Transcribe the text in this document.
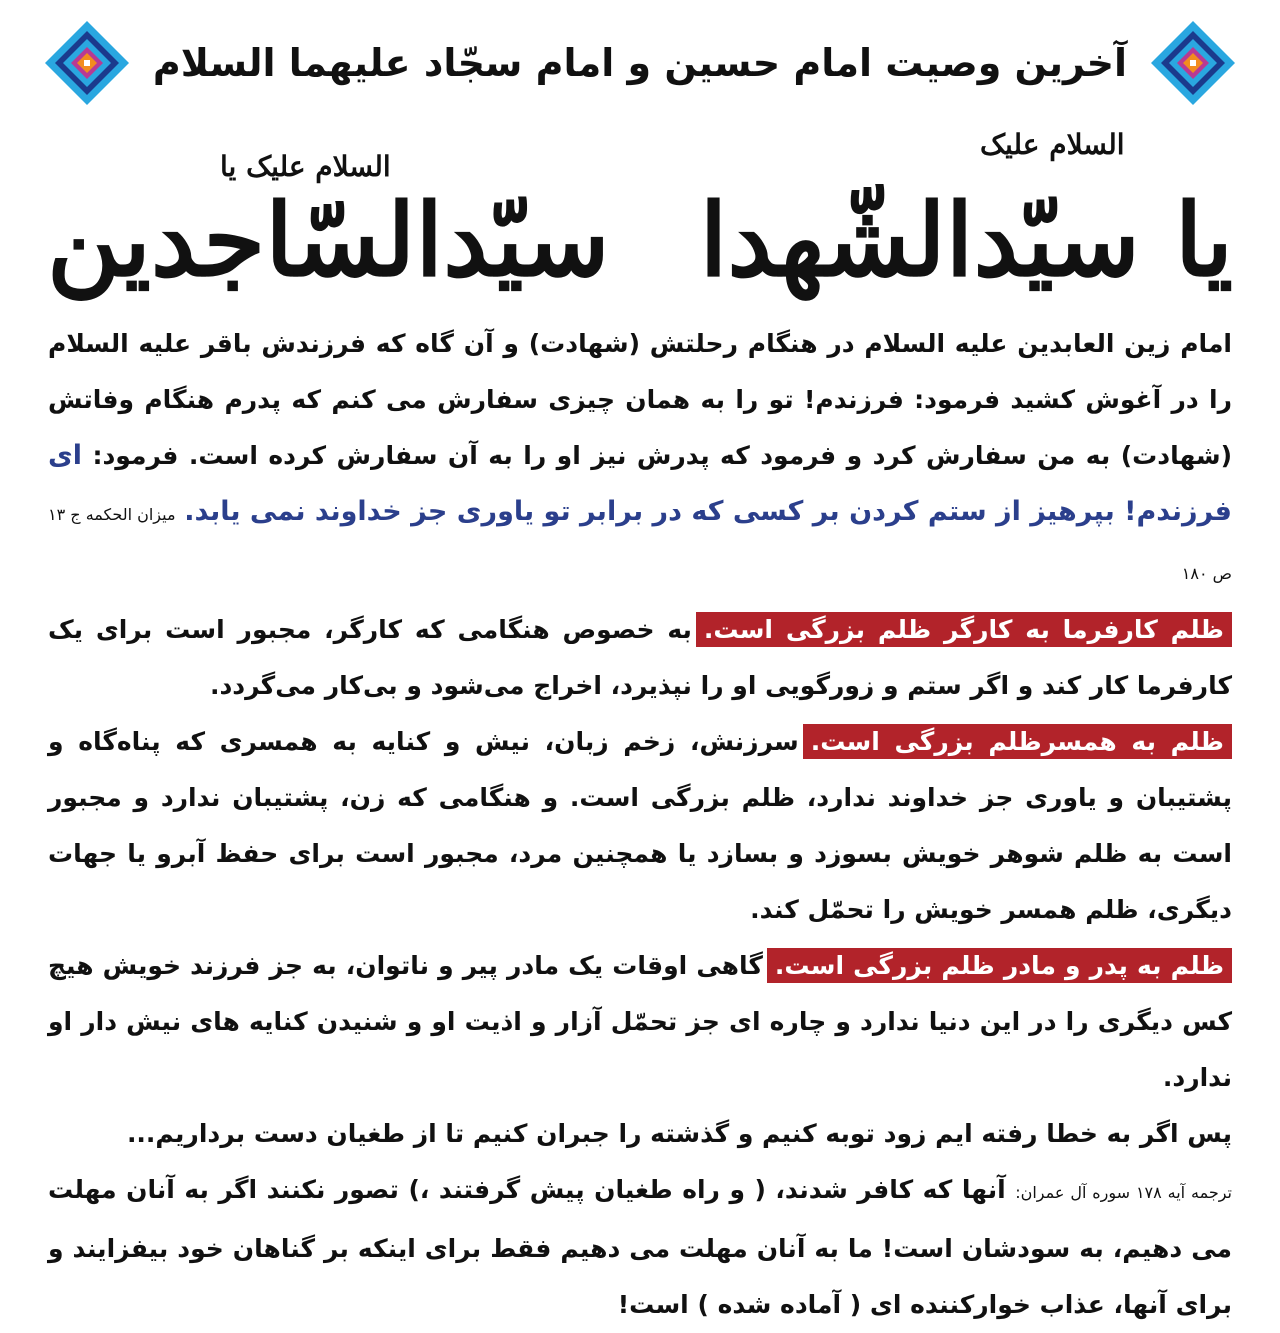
آخرین وصیت امام حسین و امام سجّاد علیهما السلام
السلام علیک
السلام علیک یا
یا سیّدالشّهداسیّدالسّاجدین

امام زین العابدین علیه السلام در هنگام رحلتش (شهادت) و آن گاه که فرزندش باقر علیه السلام را در آغوش کشید فرمود: فرزندم! تو را به همان چیزی سفارش می کنم که پدرم هنگام وفاتش (شهادت) به من سفارش کرد و فرمود که پدرش نیز او را به آن سفارش کرده است. فرمود: ای فرزندم! بپرهیز از ستم کردن بر کسی که در برابر تو یاوری جز خداوند نمی یابد. میزان الحکمه ج ۱۳ ص ۱۸۰

ظلم کارفرما به کارگر ظلم بزرگی است.به خصوص هنگامی که کارگر، مجبور است برای یک کارفرما کار کند و اگر ستم و زورگویی او را نپذیرد، اخراج می‌شود و بی‌کار می‌گردد.

ظلم به همسرظلم بزرگی است.سرزنش، زخم زبان، نیش و کنایه به همسری که پناه‌گاه و پشتیبان و یاوری جز خداوند ندارد، ظلم بزرگی است. و هنگامی که زن، پشتیبان ندارد و مجبور است به ظلم شوهر خویش بسوزد و بسازد یا همچنین مرد، مجبور است برای حفظ آبرو یا جهات دیگری، ظلم همسر خویش را تحمّل کند.

ظلم به پدر و مادر ظلم بزرگی است.گاهی اوقات یک مادر پیر و ناتوان، به جز فرزند خویش هیچ کس دیگری را در این دنیا ندارد و چاره ای جز تحمّل آزار و اذیت او و شنیدن کنایه های نیش دار او ندارد.

پس اگر به خطا رفته ایم زود توبه کنیم و گذشته را جبران کنیم تا از طغیان دست برداریم...

ترجمه آیه ۱۷۸ سوره آل عمران: آنها که کافر شدند، ( و راه طغیان پیش گرفتند ،) تصور نکنند اگر به آنان مهلت می دهیم، به سودشان است! ما به آنان مهلت می دهیم فقط برای اینکه بر گناهان خود بیفزایند و برای آنها، عذاب خوارکننده ای ( آماده شده ) است!
